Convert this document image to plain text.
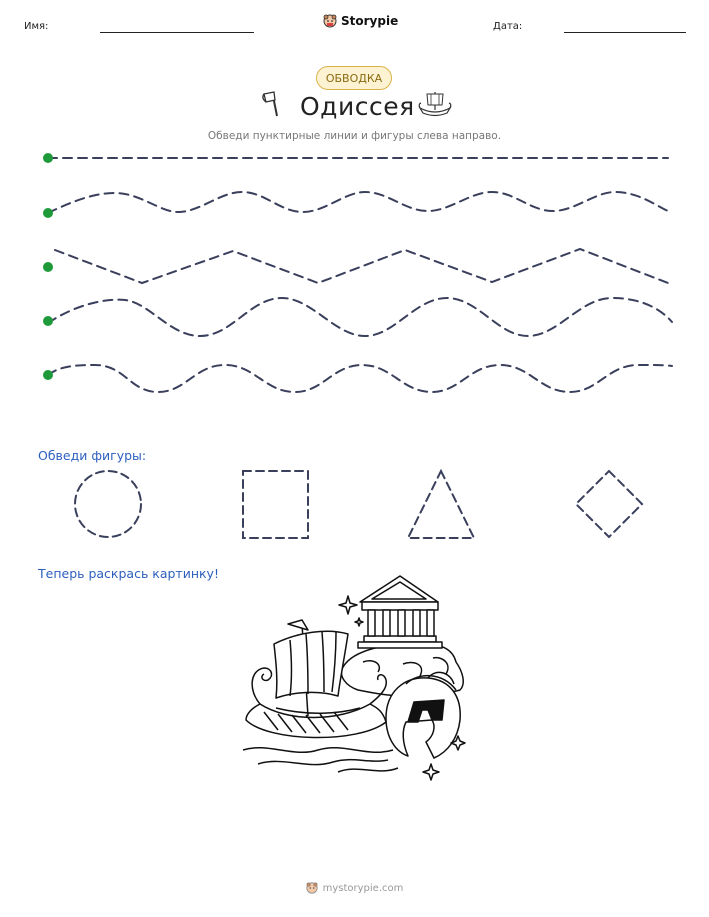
Имя:	Storypie	Дата:
ОБВОДКА
Одиссея
Обведи пунктирные линии и фигуры слева направо.
Обведи фигуры:
Теперь раскрась картинку!
mystorypie.com
